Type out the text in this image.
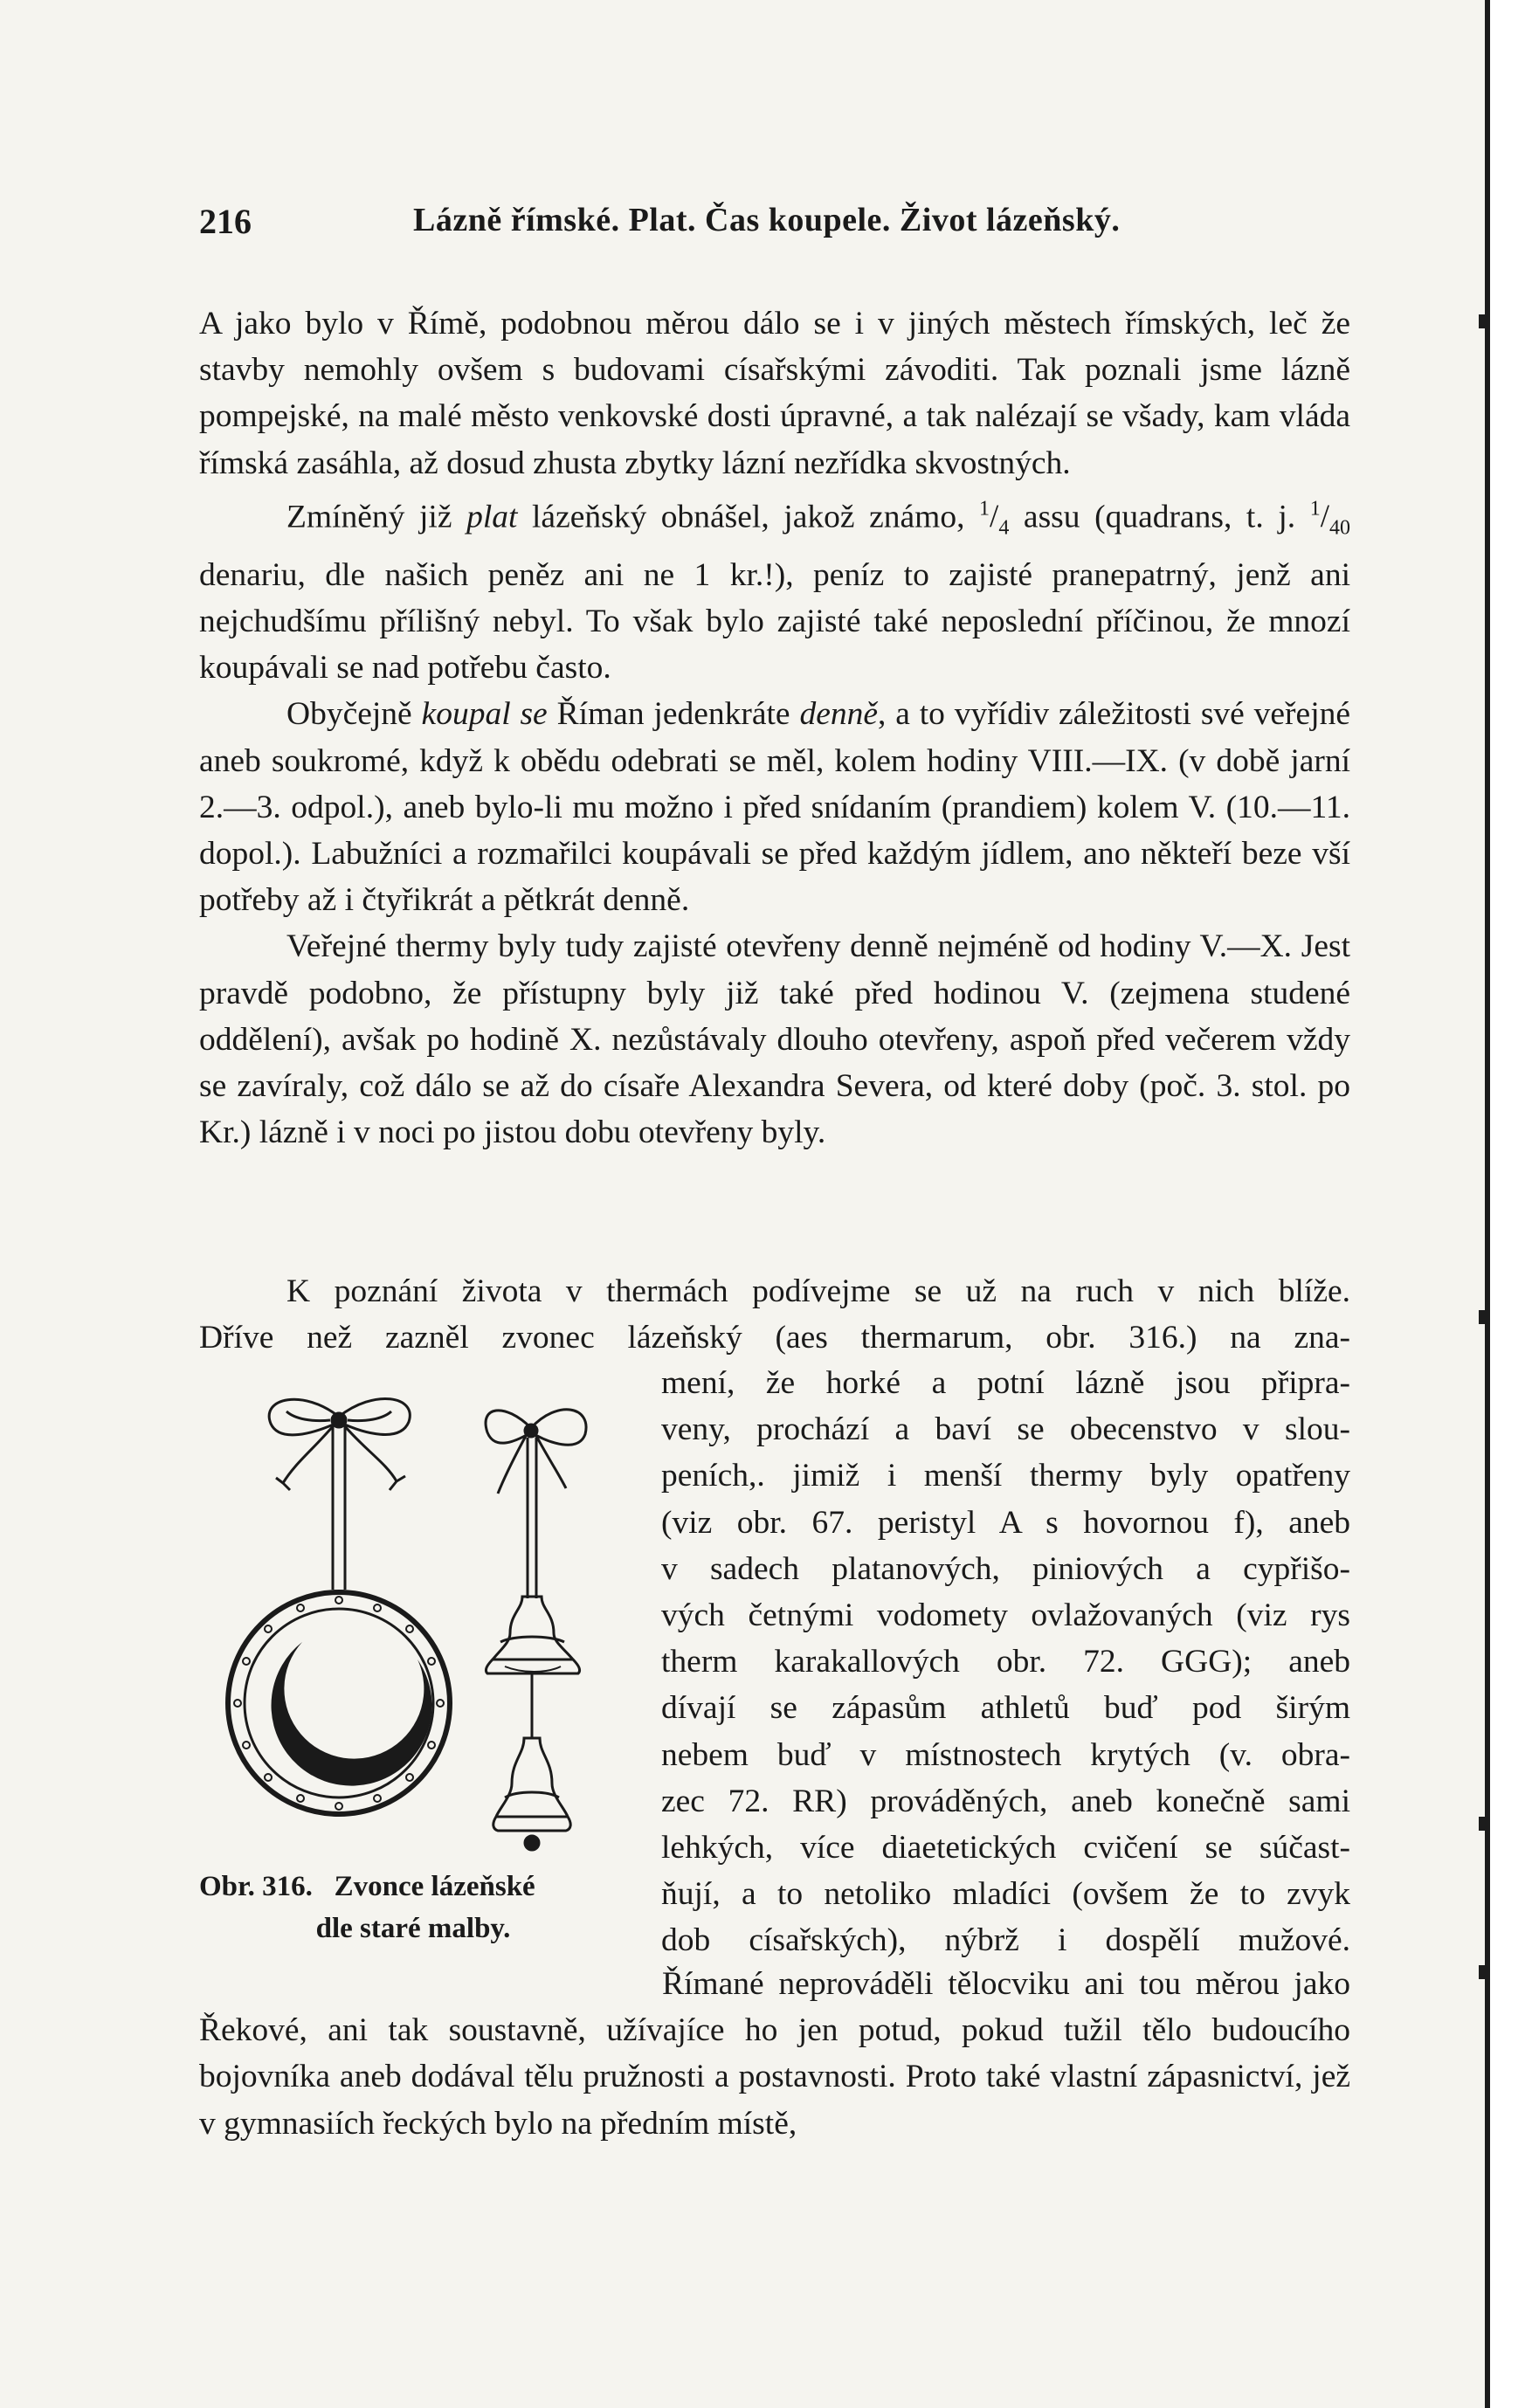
216	Lázně římské. Plat. Čas koupele. Život lázeňský.

A jako bylo v Římě, podobnou měrou dálo se i v jiných městech římských, leč že stavby nemohly ovšem s budovami císařskými závoditi. Tak poznali jsme lázně pompejské, na malé město venkovské dosti úpravné, a tak nalézají se všady, kam vláda římská zasáhla, až dosud zhusta zbytky lázní nezřídka skvostných.

Zmíněný již plat lázeňský obnášel, jakož známo, $^1/_4$ assu (quadrans, t. j. $^1/_{40}$ denariu, dle našich peněz ani ne 1 kr.!), peníz to zajisté pranepatrný, jenž ani nejchudšímu přílišný nebyl. To však bylo zajisté také neposlední příčinou, že mnozí koupávali se nad potřebu často.

Obyčejně koupal se Říman jedenkráte denně, a to vyřídiv záležitosti své veřejné aneb soukromé, když k obědu odebrati se měl, kolem hodiny VIII.—IX. (v době jarní 2.—3. odpol.), aneb bylo-li mu možno i před snídaním (prandiem) kolem V. (10.—11. dopol.). Labužníci a rozmařilci koupávali se před každým jídlem, ano někteří beze vší potřeby až i čtyřikrát a pětkrát denně.

Veřejné thermy byly tudy zajisté otevřeny denně nejméně od hodiny V.—X. Jest pravdě podobno, že přístupny byly již také před hodinou V. (zejmena studené oddělení), avšak po hodině X. nezůstávaly dlouho otevřeny, aspoň před večerem vždy se zavíraly, což dálo se až do císaře Alexandra Severa, od které doby (poč. 3. stol. po Kr.) lázně i v noci po jistou dobu otevřeny byly.

K poznání života v thermách podívejme se už na ruch v nich blíže.

Dříve než zazněl zvonec lázeňský (aes thermarum, obr. 316.) na zna-

mení, že horké a potní lázně jsou připra-

veny, prochází a baví se obecenstvo v slou-

peních,. jimiž i menší thermy byly opatřeny

(viz obr. 67. peristyl A s hovornou f), aneb

v sadech platanových, piniových a cypřišo-

vých četnými vodomety ovlažovaných (viz rys

therm karakallových obr. 72. GGG); aneb

dívají se zápasům athletů buď pod širým

nebem buď v místnostech krytých (v. obra-

zec 72. RR) prováděných, aneb konečně sami

lehkých, více diaetetických cvičení se súčast-

ňují, a to netoliko mladíci (ovšem že to zvyk

dob císařských), nýbrž i dospělí mužové.

Obr. 316. Zvonce lázeňské
dle staré malby.

Římané neprováděli tělocviku ani tou měrou jako Řekové, ani tak soustavně, užívajíce ho jen potud, pokud tužil tělo budoucího bojovníka aneb dodával tělu pružnosti a postavnosti. Proto také vlastní zápasnictví, jež v gymnasiích řeckých bylo na předním místě,
